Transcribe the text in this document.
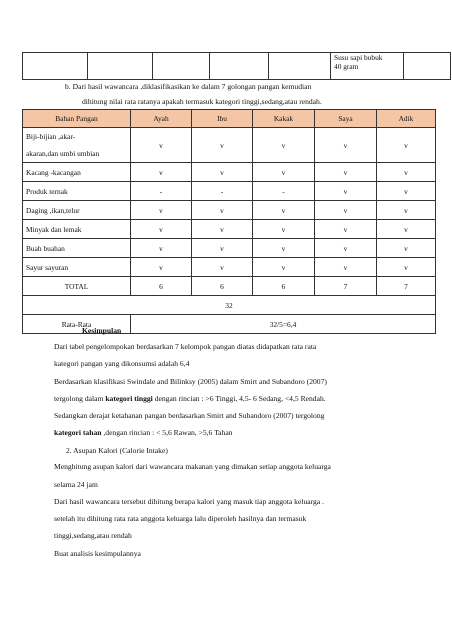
Susu sapi bubuk
40 gram

b. Dari hasil wawancara ,diklasifikasikan ke dalam 7 golongan pangan kemudian
dihitung nilai rata ratanya apakah termasuk kategori tinggi,sedang,atau rendah.
Bahan Pangan	Ayah	Ibu	Kakak	Saya	Adik

Biji-bijian ,akar-
akaran,dan umbi umbian	v	v	v	v	v
Kacang -kacangan	v	v	v	v	v
Produk ternak	-	-	-	v	v
Daging ,ikan,telur	v	v	v	v	v
Minyak dan lemak	v	v	v	v	v
Buah buahan	v	v	v	v	v
Sayur sayuran	v	v	v	v	v
TOTAL	6	6	6	7	7
32					
Rata-Rata	32/5=6,4				
Kesimpulan
Dari tabel pengelompokan berdasarkan 7 kelompok pangan diatas didapatkan rata rata
kategori pangan yang dikonsumsi adalah 6,4
Berdasarkan klasifikasi Swindale and Bilinksy (2005) dalam Smirt and Subandoro (2007)
tergolong dalam kategori tinggi dengan rincian : >6 Tinggi, 4,5- 6 Sedang, <4,5 Rendah.
Sedangkan derajat ketahanan pangan berdasarkan Smirt and Subandoro (2007) tergolong
kategori tahan ,dengan rincian : < 5,6 Rawan, >5,6 Tahan
2. Asupan Kalori (Calorie Intake)
Menghitung asupan kalori dari wawancara makanan yang dimakan setiap anggota keluarga
selama 24 jam
Dari hasil wawancara tersebut dihitung berapa kalori yang masuk tiap anggota keluarga .
setelah itu dihitung rata rata anggota keluarga lalu diperoleh hasilnya dan termasuk
tinggi,sedang,atau rendah
Buat analisis kesimpulannya
